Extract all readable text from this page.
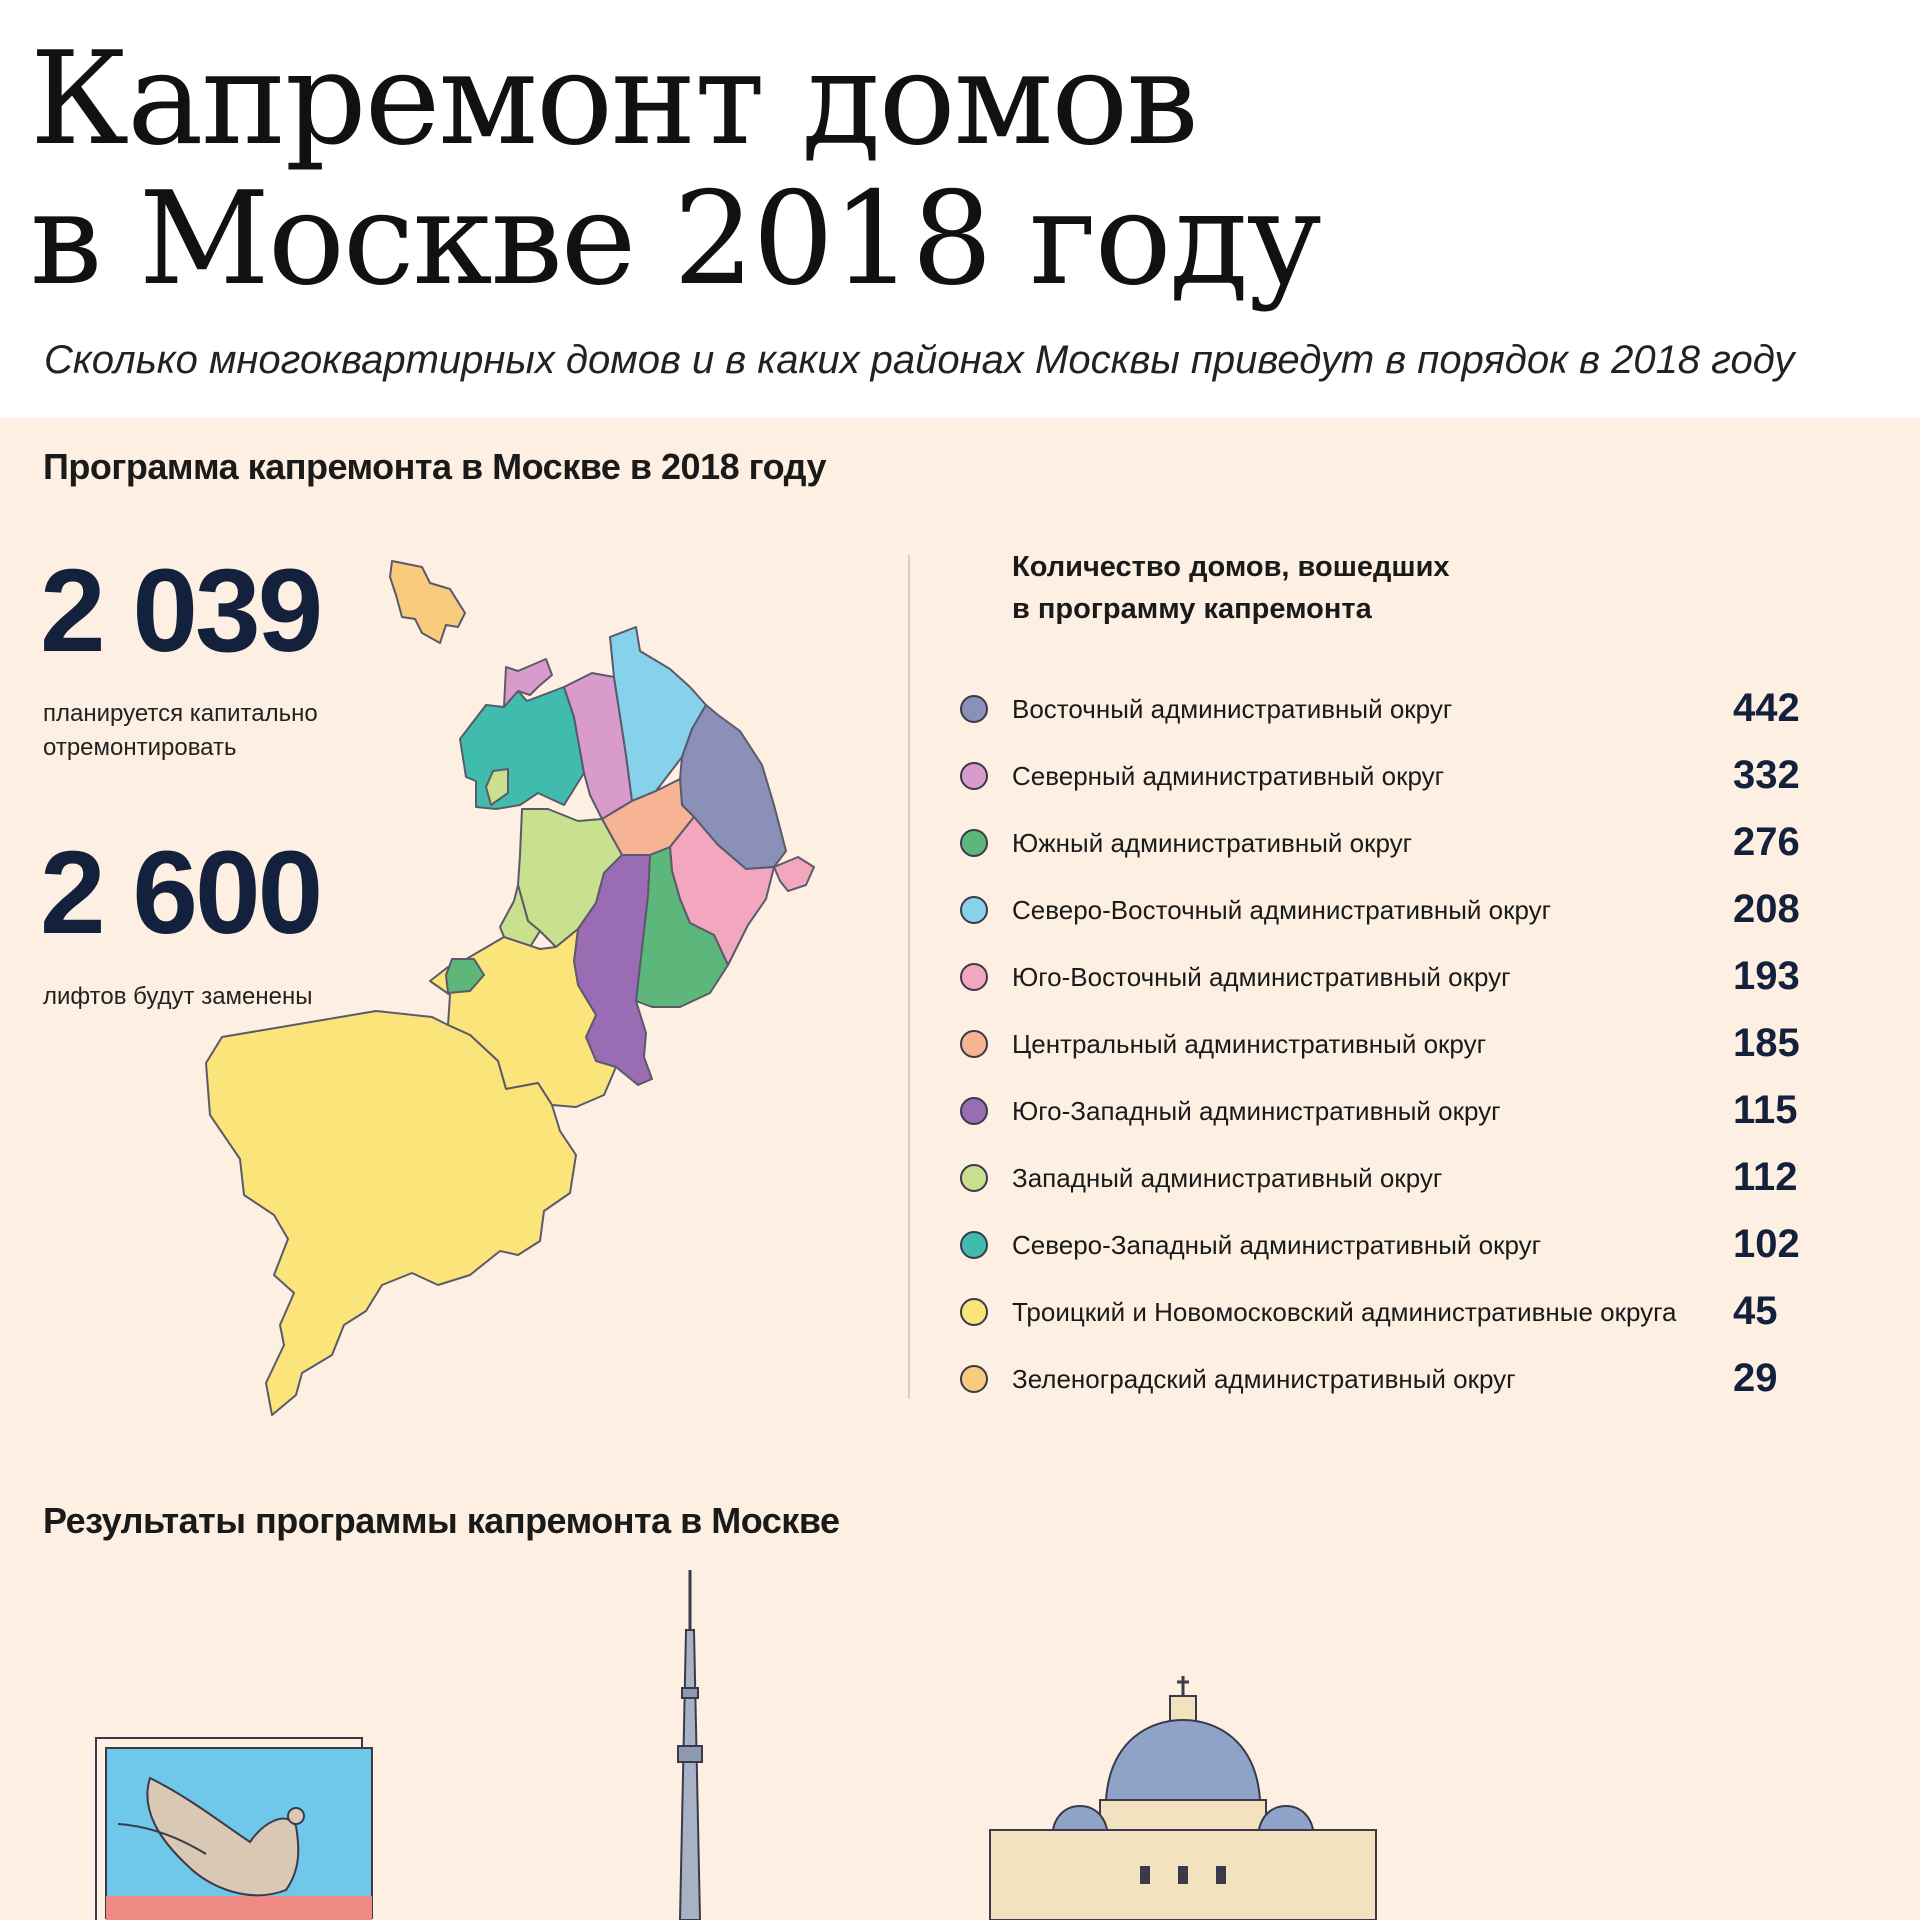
Капремонт домов
в Москве 2018 году

Сколько многоквартирных домов и в каких районах Москвы приведут в порядок в 2018 году

Программа капремонта в Москве в 2018 году

2 039

планируется капитально
отремонтировать

2 600

лифтов будут заменены

Количество домов, вошедших
в программу капремонта
Восточный административный округ	442
Северный административный округ	332
Южный административный округ	276
Северо-Восточный административный округ	208
Юго-Восточный административный округ	193
Центральный административный округ	185
Юго-Западный административный округ	115
Западный административный округ	112
Северо-Западный административный округ	102
Троицкий и Новомосковский административные округа 45
Зеленоградский административный округ	29

Результаты программы капремонта в Москве
